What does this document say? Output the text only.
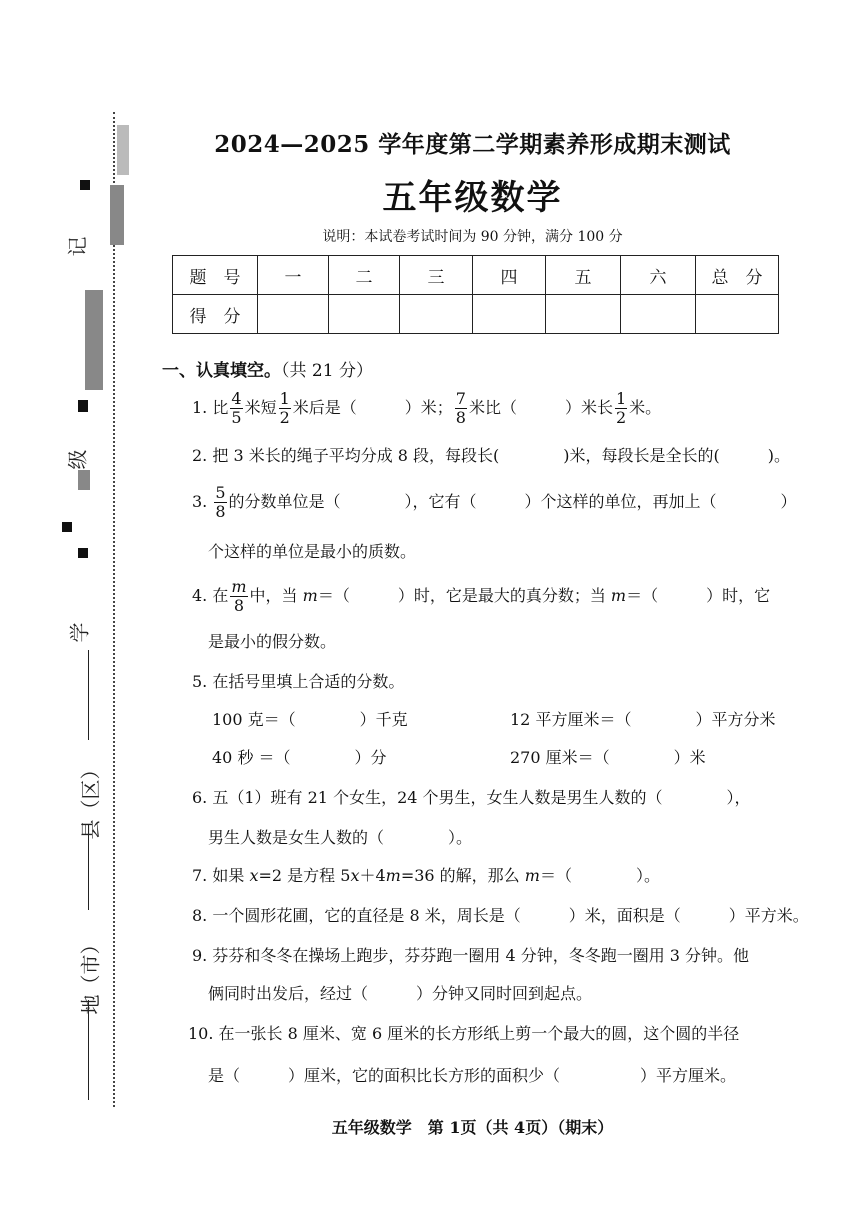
记
级
学
县（区）
地（市）
2024—2025 学年度第二学期素养形成期末测试
五年级数学
说明：本试卷考试时间为 90 分钟，满分 100 分
题　号	一	二	三	四	五	六	总　分
得　分							
一、认真填空。（共 21 分）
1. 比 $\frac{4}{5}$ 米短 $\frac{1}{2}$ 米后是（　　　）米； $\frac{7}{8}$ 米比（　　　）米长 $\frac{1}{2}$ 米。
2. 把 3 米长的绳子平均分成 8 段，每段长(　　　　)米，每段长是全长的(　　　)。
3. $\frac{5}{8}$ 的分数单位是（　　　　），它有（　　　）个这样的单位，再加上（　　　　）
个这样的单位是最小的质数。
4. 在 $\frac{m}{8}$ 中，当 m＝（　　　）时，它是最大的真分数；当 m＝（　　　）时，它
是最小的假分数。
5. 在括号里填上合适的分数。
100 克＝（　　　　）千克	12 平方厘米＝（　　　　）平方分米
40 秒 ＝（　　　　）分	270 厘米＝（　　　　）米
6. 五（1）班有 21 个女生，24 个男生，女生人数是男生人数的（　　　　），
男生人数是女生人数的（　　　　）。
7. 如果 x=2 是方程 5x＋4m=36 的解，那么 m＝（　　　　）。
8. 一个圆形花圃，它的直径是 8 米，周长是（　　　）米，面积是（　　　）平方米。
9. 芬芬和冬冬在操场上跑步，芬芬跑一圈用 4 分钟，冬冬跑一圈用 3 分钟。他
俩同时出发后，经过（　　　）分钟又同时回到起点。
10. 在一张长 8 厘米、宽 6 厘米的长方形纸上剪一个最大的圆，这个圆的半径
是（　　　）厘米，它的面积比长方形的面积少（　　　　　）平方厘米。
五年级数学　第 1页（共 4页）（期末）
